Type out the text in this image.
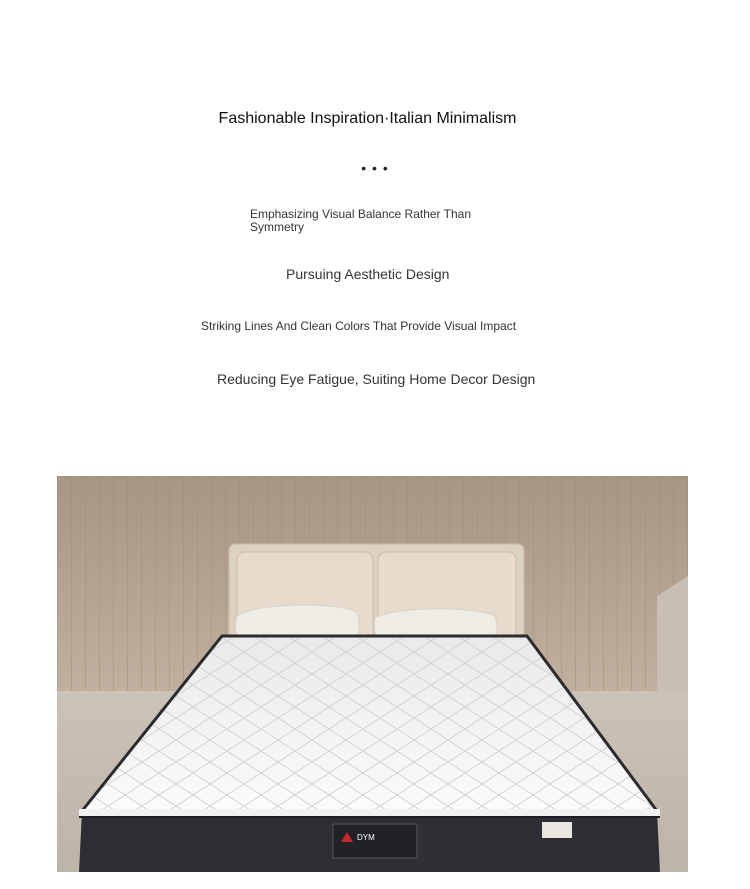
Fashionable Inspiration·Italian Minimalism
• • •
Emphasizing Visual Balance Rather Than Symmetry
Pursuing Aesthetic Design
Striking Lines And Clean Colors That Provide Visual Impact
Reducing Eye Fatigue, Suiting Home Decor Design
DYM
